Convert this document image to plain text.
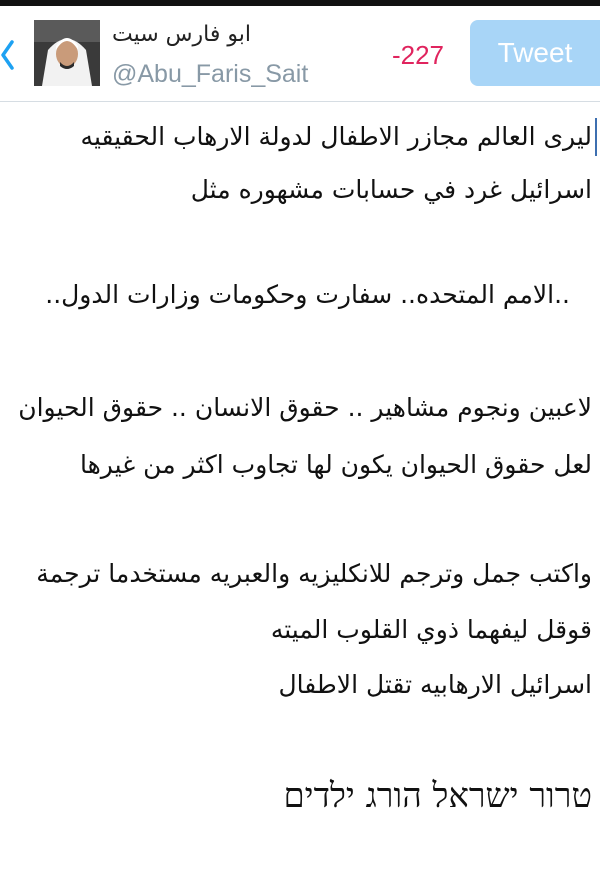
ابو فارس سيت
@Abu_Faris_Sait
-227	Tweet
ليرى العالم مجازر الاطفال لدولة الارهاب الحقيقيه
اسرائيل غرد في حسابات مشهوره مثل
..الامم المتحده.. سفارت وحكومات وزارات الدول..
لاعبين ونجوم مشاهير .. حقوق الانسان .. حقوق الحيوان
لعل حقوق الحيوان يكون لها تجاوب اكثر من غيرها
واكتب جمل وترجم للانكليزيه والعبريه مستخدما ترجمة
قوقل ليفهما ذوي القلوب الميته
اسرائيل الارهابيه تقتل الاطفال
טרור ישראל הורג ילדים
